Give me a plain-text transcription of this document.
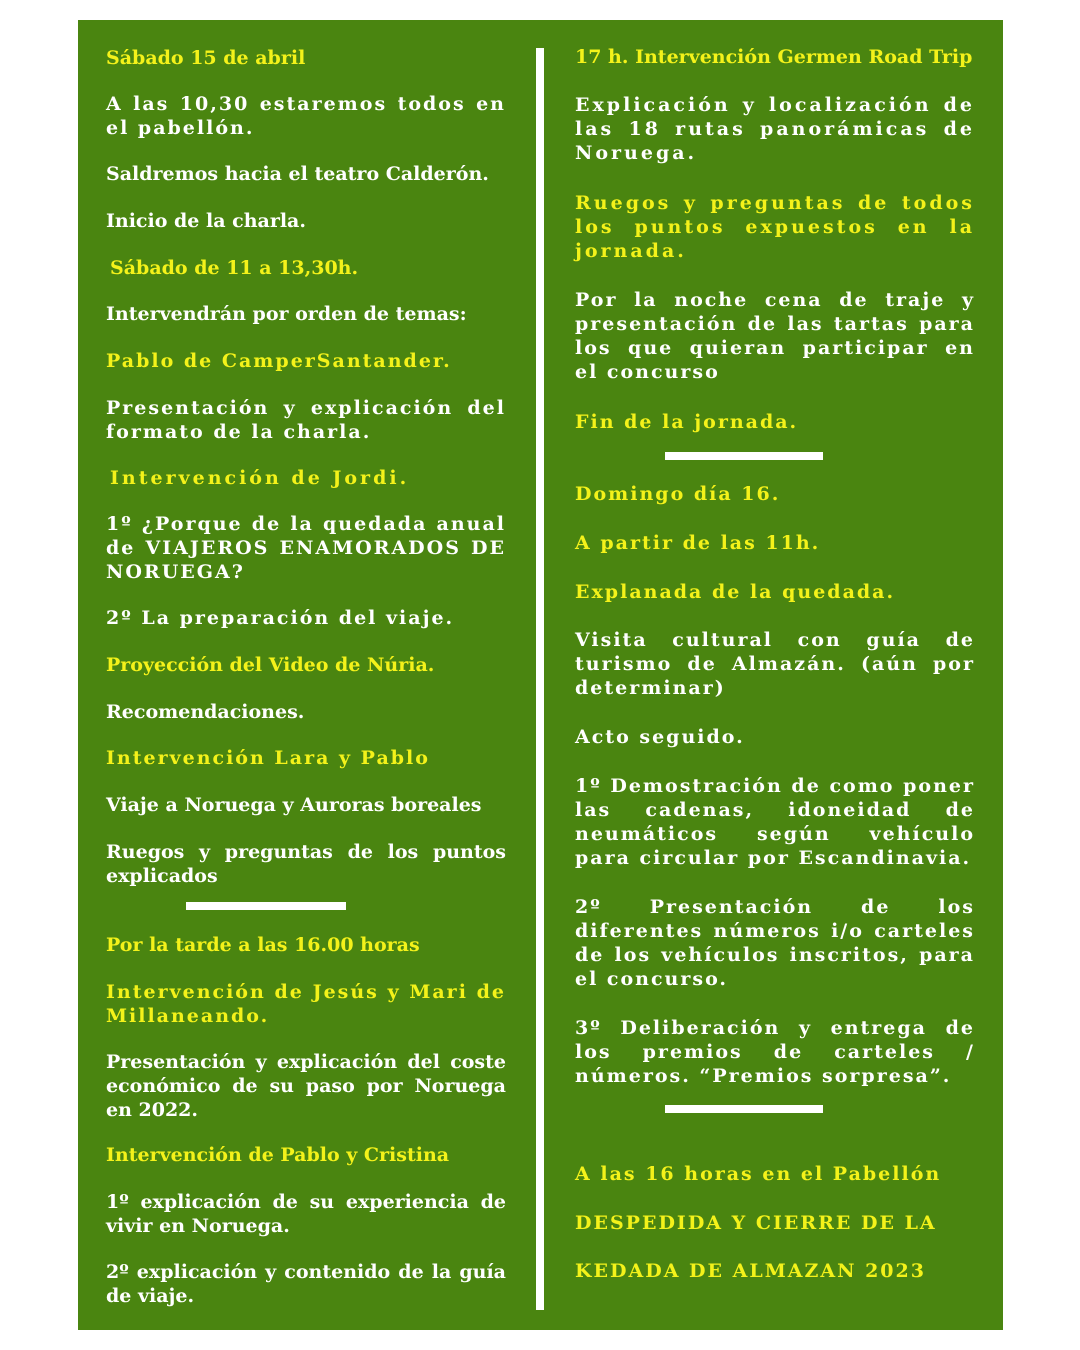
Sábado 15 de abril

A las 10,30 estaremos todos en el pabellón.

Saldremos hacia el teatro Calderón.

Inicio de la charla.

Sábado de 11 a 13,30h.

Intervendrán por orden de temas:

Pablo de CamperSantander.

Presentación y explicación del formato de la charla.

Intervención de Jordi.

1º ¿Porque de la quedada anual de VIAJEROS ENAMORADOS DE NORUEGA?

2º La preparación del viaje.

Proyección del Video de Núria.

Recomendaciones.

Intervención Lara y Pablo

Viaje a Noruega y Auroras boreales

Ruegos y preguntas de los puntos explicados

Por la tarde a las 16.00 horas

Intervención de Jesús y Mari de Millaneando.

Presentación y explicación del coste económico de su paso por Noruega en 2022.

Intervención de Pablo y Cristina

1º explicación de su experiencia de vivir en Noruega.

2º explicación y contenido de la guía de viaje.

17 h. Intervención Germen Road Trip

Explicación y localización de las 18 rutas panorámicas de Noruega.

Ruegos y preguntas de todos los puntos expuestos en la jornada.

Por la noche cena de traje y presentación de las tartas para los que quieran participar en el concurso

Fin de la jornada.

Domingo día 16.

A partir de las 11h.

Explanada de la quedada.

Visita cultural con guía de turismo de Almazán. (aún por determinar)

Acto seguido.

1º Demostración de como poner las cadenas, idoneidad de neumáticos según vehículo para circular por Escandinavia.

2º Presentación de los diferentes números i/o carteles de los vehículos inscritos, para el concurso.

3º Deliberación y entrega de los premios de carteles / números. “Premios sorpresa”.

A las 16 horas en el Pabellón

DESPEDIDA Y CIERRE DE LA

KEDADA DE ALMAZAN 2023
